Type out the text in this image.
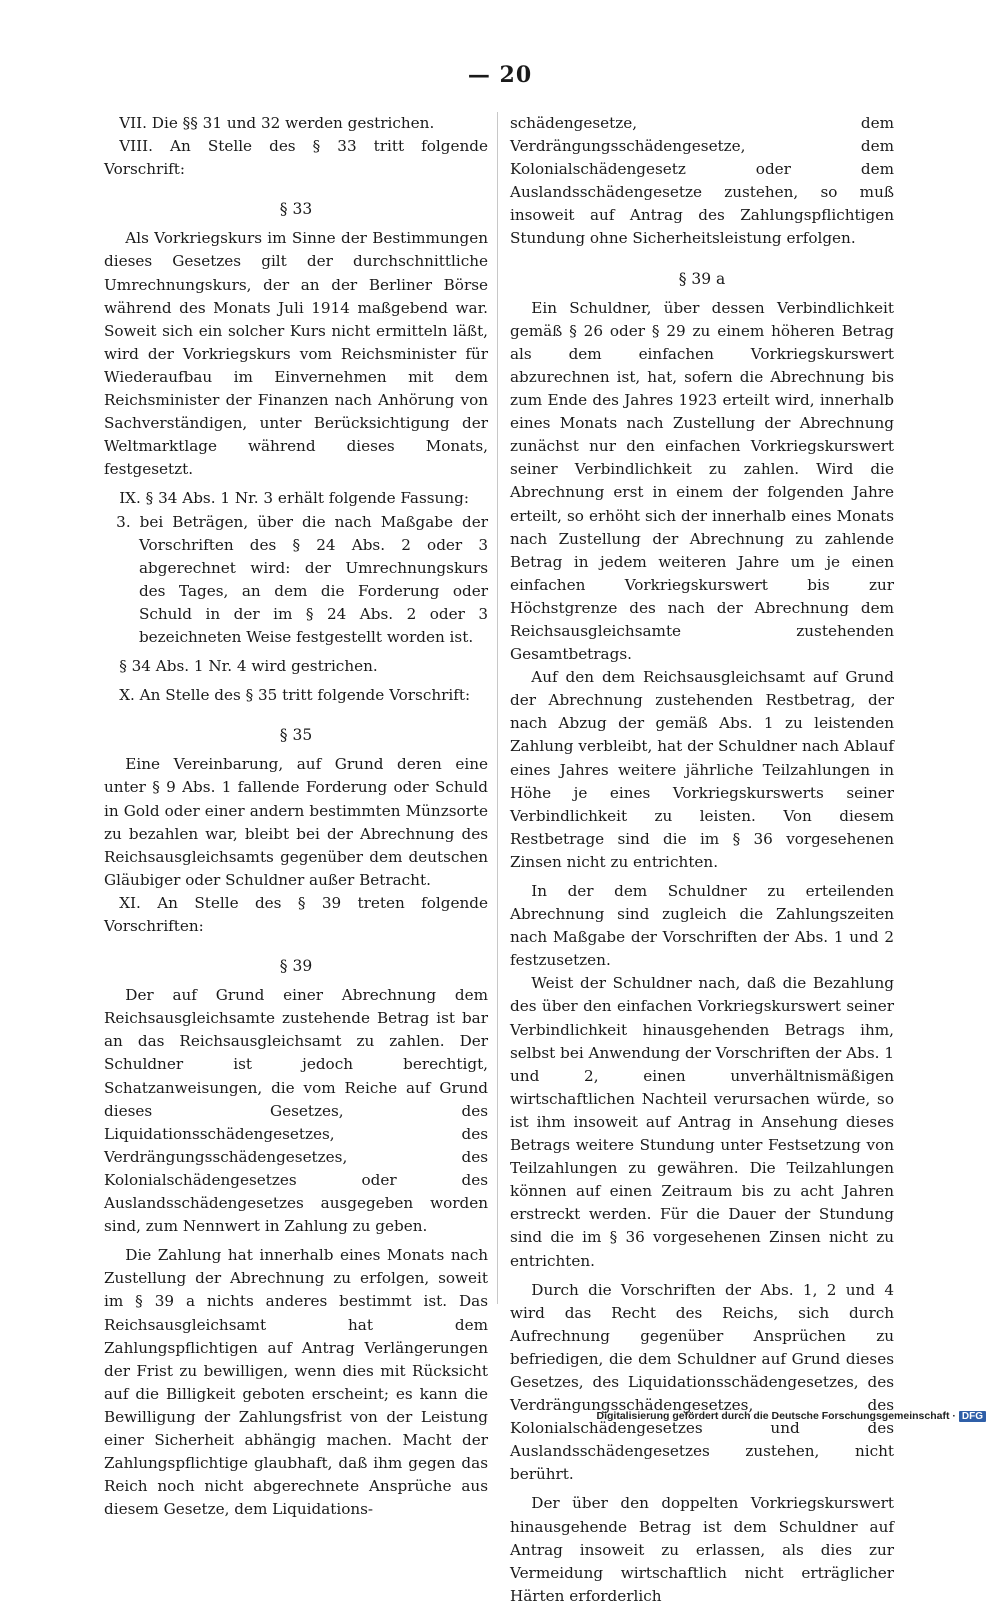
— 20

VII. Die §§ 31 und 32 werden gestrichen.

VIII. An Stelle des § 33 tritt folgende Vorschrift:

§ 33

Als Vorkriegskurs im Sinne der Bestimmungen dieses Gesetzes gilt der durchschnittliche Umrechnungskurs, der an der Berliner Börse während des Monats Juli 1914 maßgebend war. Soweit sich ein solcher Kurs nicht ermitteln läßt, wird der Vorkriegskurs vom Reichsminister für Wiederaufbau im Einvernehmen mit dem Reichsminister der Finanzen nach Anhörung von Sachverständigen, unter Berücksichtigung der Weltmarktlage während dieses Monats, festgesetzt.

IX. § 34 Abs. 1 Nr. 3 erhält folgende Fassung:

3. bei Beträgen, über die nach Maßgabe der Vorschriften des § 24 Abs. 2 oder 3 abgerechnet wird: der Umrechnungskurs des Tages, an dem die Forderung oder Schuld in der im § 24 Abs. 2 oder 3 bezeichneten Weise festgestellt worden ist.

§ 34 Abs. 1 Nr. 4 wird gestrichen.

X. An Stelle des § 35 tritt folgende Vorschrift:

§ 35

Eine Vereinbarung, auf Grund deren eine unter § 9 Abs. 1 fallende Forderung oder Schuld in Gold oder einer andern bestimmten Münzsorte zu bezahlen war, bleibt bei der Abrechnung des Reichsausgleichsamts gegenüber dem deutschen Gläubiger oder Schuldner außer Betracht.

XI. An Stelle des § 39 treten folgende Vorschriften:

§ 39

Der auf Grund einer Abrechnung dem Reichsausgleichsamte zustehende Betrag ist bar an das Reichsausgleichsamt zu zahlen. Der Schuldner ist jedoch berechtigt, Schatzanweisungen, die vom Reiche auf Grund dieses Gesetzes, des Liquidationsschädengesetzes, des Verdrängungsschädengesetzes, des Kolonialschädengesetzes oder des Auslandsschädengesetzes ausgegeben worden sind, zum Nennwert in Zahlung zu geben.

Die Zahlung hat innerhalb eines Monats nach Zustellung der Abrechnung zu erfolgen, soweit im § 39 a nichts anderes bestimmt ist. Das Reichsausgleichsamt hat dem Zahlungspflichtigen auf Antrag Verlängerungen der Frist zu bewilligen, wenn dies mit Rücksicht auf die Billigkeit geboten erscheint; es kann die Bewilligung der Zahlungsfrist von der Leistung einer Sicherheit abhängig machen. Macht der Zahlungspflichtige glaubhaft, daß ihm gegen das Reich noch nicht abgerechnete Ansprüche aus diesem Gesetze, dem Liquidations-

schädengesetze, dem Verdrängungsschädengesetze, dem Kolonialschädengesetz oder dem Auslandsschädengesetze zustehen, so muß insoweit auf Antrag des Zahlungspflichtigen Stundung ohne Sicherheitsleistung erfolgen.

§ 39 a

Ein Schuldner, über dessen Verbindlichkeit gemäß § 26 oder § 29 zu einem höheren Betrag als dem einfachen Vorkriegskurswert abzurechnen ist, hat, sofern die Abrechnung bis zum Ende des Jahres 1923 erteilt wird, innerhalb eines Monats nach Zustellung der Abrechnung zunächst nur den einfachen Vorkriegskurswert seiner Verbindlichkeit zu zahlen. Wird die Abrechnung erst in einem der folgenden Jahre erteilt, so erhöht sich der innerhalb eines Monats nach Zustellung der Abrechnung zu zahlende Betrag in jedem weiteren Jahre um je einen einfachen Vorkriegskurswert bis zur Höchstgrenze des nach der Abrechnung dem Reichsausgleichsamte zustehenden Gesamtbetrags.

Auf den dem Reichsausgleichsamt auf Grund der Abrechnung zustehenden Restbetrag, der nach Abzug der gemäß Abs. 1 zu leistenden Zahlung verbleibt, hat der Schuldner nach Ablauf eines Jahres weitere jährliche Teilzahlungen in Höhe je eines Vorkriegskurswerts seiner Verbindlichkeit zu leisten. Von diesem Restbetrage sind die im § 36 vorgesehenen Zinsen nicht zu entrichten.

In der dem Schuldner zu erteilenden Abrechnung sind zugleich die Zahlungszeiten nach Maßgabe der Vorschriften der Abs. 1 und 2 festzusetzen.

Weist der Schuldner nach, daß die Bezahlung des über den einfachen Vorkriegskurswert seiner Verbindlichkeit hinausgehenden Betrags ihm, selbst bei Anwendung der Vorschriften der Abs. 1 und 2, einen unverhältnismäßigen wirtschaftlichen Nachteil verursachen würde, so ist ihm insoweit auf Antrag in Ansehung dieses Betrags weitere Stundung unter Festsetzung von Teilzahlungen zu gewähren. Die Teilzahlungen können auf einen Zeitraum bis zu acht Jahren erstreckt werden. Für die Dauer der Stundung sind die im § 36 vorgesehenen Zinsen nicht zu entrichten.

Durch die Vorschriften der Abs. 1, 2 und 4 wird das Recht des Reichs, sich durch Aufrechnung gegenüber Ansprüchen zu befriedigen, die dem Schuldner auf Grund dieses Gesetzes, des Liquidationsschädengesetzes, des Verdrängungsschädengesetzes, des Kolonialschädengesetzes und des Auslandsschädengesetzes zustehen, nicht berührt.

Der über den doppelten Vorkriegskurswert hinausgehende Betrag ist dem Schuldner auf Antrag insoweit zu erlassen, als dies zur Vermeidung wirtschaftlich nicht erträglicher Härten erforderlich

Digitalisierung gefördert durch die Deutsche Forschungsgemeinschaft · DFG
